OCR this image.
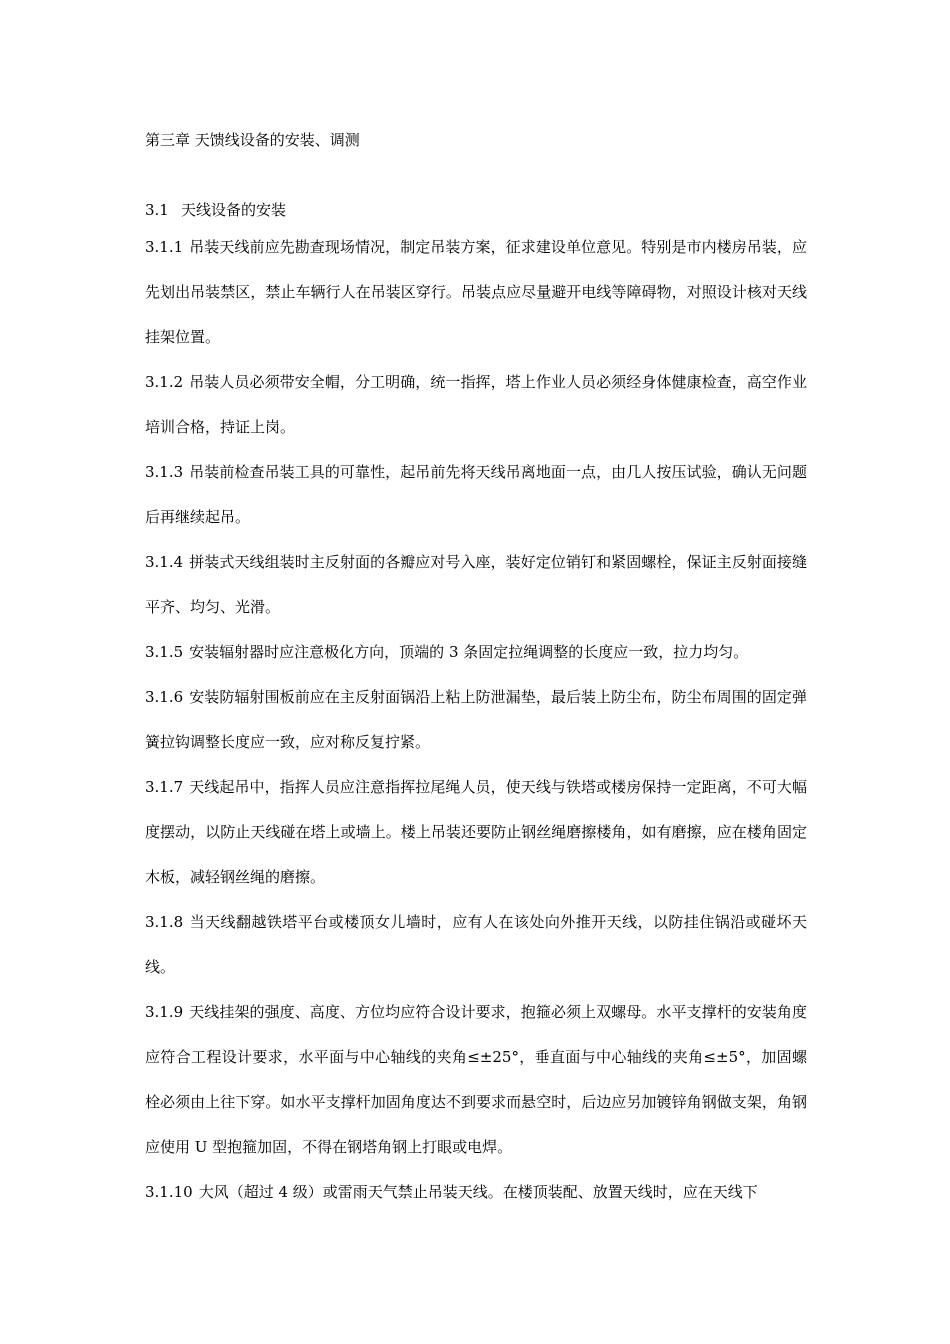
第三章 天馈线设备的安装、调测
3.1 天线设备的安装

3.1.1 吊装天线前应先勘查现场情况，制定吊装方案，征求建设单位意见。特别是市内楼房吊装，应先划出吊装禁区，禁止车辆行人在吊装区穿行。吊装点应尽量避开电线等障碍物，对照设计核对天线挂架位置。

3.1.2 吊装人员必须带安全帽，分工明确，统一指挥，塔上作业人员必须经身体健康检查，高空作业培训合格，持证上岗。

3.1.3 吊装前检查吊装工具的可靠性，起吊前先将天线吊离地面一点，由几人按压试验，确认无问题后再继续起吊。

3.1.4 拼装式天线组装时主反射面的各瓣应对号入座，装好定位销钉和紧固螺栓，保证主反射面接缝平齐、均匀、光滑。

3.1.5 安装辐射器时应注意极化方向，顶端的 3 条固定拉绳调整的长度应一致，拉力均匀。

3.1.6 安装防辐射围板前应在主反射面锅沿上粘上防泄漏垫，最后装上防尘布，防尘布周围的固定弹簧拉钩调整长度应一致，应对称反复拧紧。

3.1.7 天线起吊中，指挥人员应注意指挥拉尾绳人员，使天线与铁塔或楼房保持一定距离，不可大幅度摆动，以防止天线碰在塔上或墙上。楼上吊装还要防止钢丝绳磨擦楼角，如有磨擦，应在楼角固定木板，减轻钢丝绳的磨擦。

3.1.8 当天线翻越铁塔平台或楼顶女儿墙时，应有人在该处向外推开天线，以防挂住锅沿或碰坏天线。

3.1.9 天线挂架的强度、高度、方位均应符合设计要求，抱箍必须上双螺母。水平支撑杆的安装角度应符合工程设计要求，水平面与中心轴线的夹角≤±25°，垂直面与中心轴线的夹角≤±5°，加固螺栓必须由上往下穿。如水平支撑杆加固角度达不到要求而悬空时，后边应另加镀锌角钢做支架，角钢应使用 U 型抱箍加固，不得在钢塔角钢上打眼或电焊。

3.1.10 大风（超过 4 级）或雷雨天气禁止吊装天线。在楼顶装配、放置天线时，应在天线下
